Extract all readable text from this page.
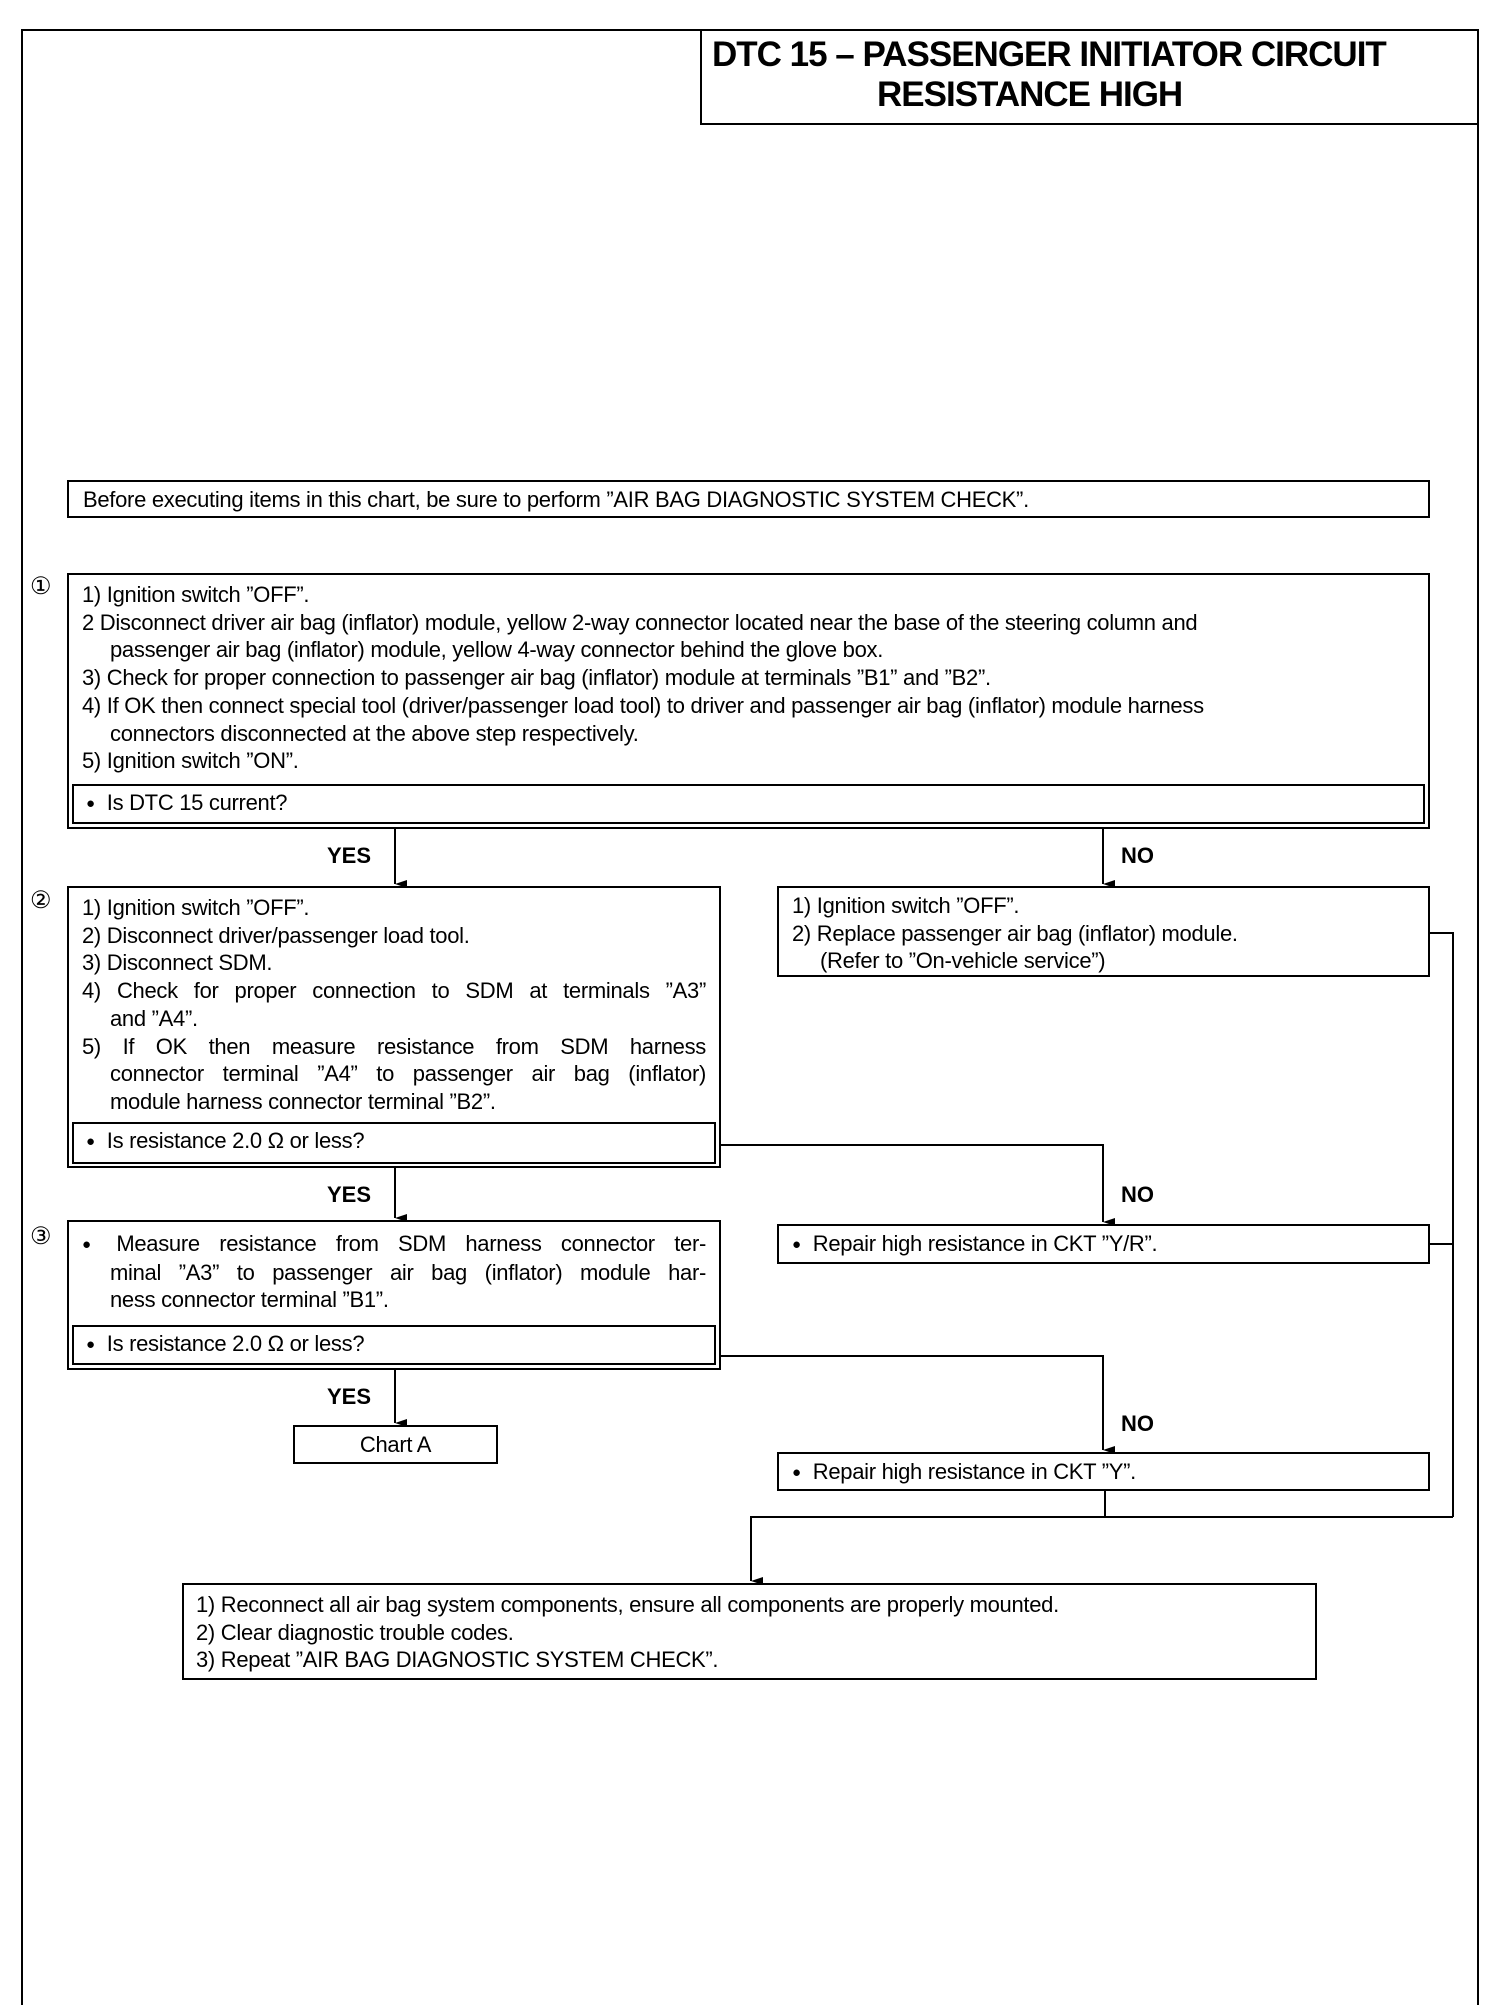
DTC 15 – PASSENGER INITIATOR CIRCUIT
RESISTANCE HIGH
Before executing items in this chart, be sure to perform ”AIR BAG DIAGNOSTIC SYSTEM CHECK”.
① 1) Ignition switch ”OFF”.
2 Disconnect driver air bag (inflator) module, yellow 2-way connector located near the base of the steering column and
passenger air bag (inflator) module, yellow 4-way connector behind the glove box.
3) Check for proper connection to passenger air bag (inflator) module at terminals ”B1” and ”B2”.
4) If OK then connect special tool (driver/passenger load tool) to driver and passenger air bag (inflator) module harness
connectors disconnected at the above step respectively.
5) Ignition switch ”ON”.
● Is DTC 15 current?
YES	NO
② 1) Ignition switch ”OFF”.
2) Disconnect driver/passenger load tool.
3) Disconnect SDM.
4) Check for proper connection to SDM at terminals ”A3”
and ”A4”.
5) If OK then measure resistance from SDM harness
connector terminal ”A4” to passenger air bag (inflator)
module harness connector terminal ”B2”.
● Is resistance 2.0 Ω or less?
YES	NO
1) Ignition switch ”OFF”.
2) Replace passenger air bag (inflator) module.
(Refer to ”On-vehicle service”)
③	● Measure resistance from SDM harness connector ter-
minal ”A3” to passenger air bag (inflator) module har-
ness connector terminal ”B1”.
● Is resistance 2.0 Ω or less?
YES
NO
● Repair high resistance in CKT ”Y/R”.
Chart A
● Repair high resistance in CKT ”Y”.
1) Reconnect all air bag system components, ensure all components are properly mounted.
2) Clear diagnostic trouble codes.
3) Repeat ”AIR BAG DIAGNOSTIC SYSTEM CHECK”.
